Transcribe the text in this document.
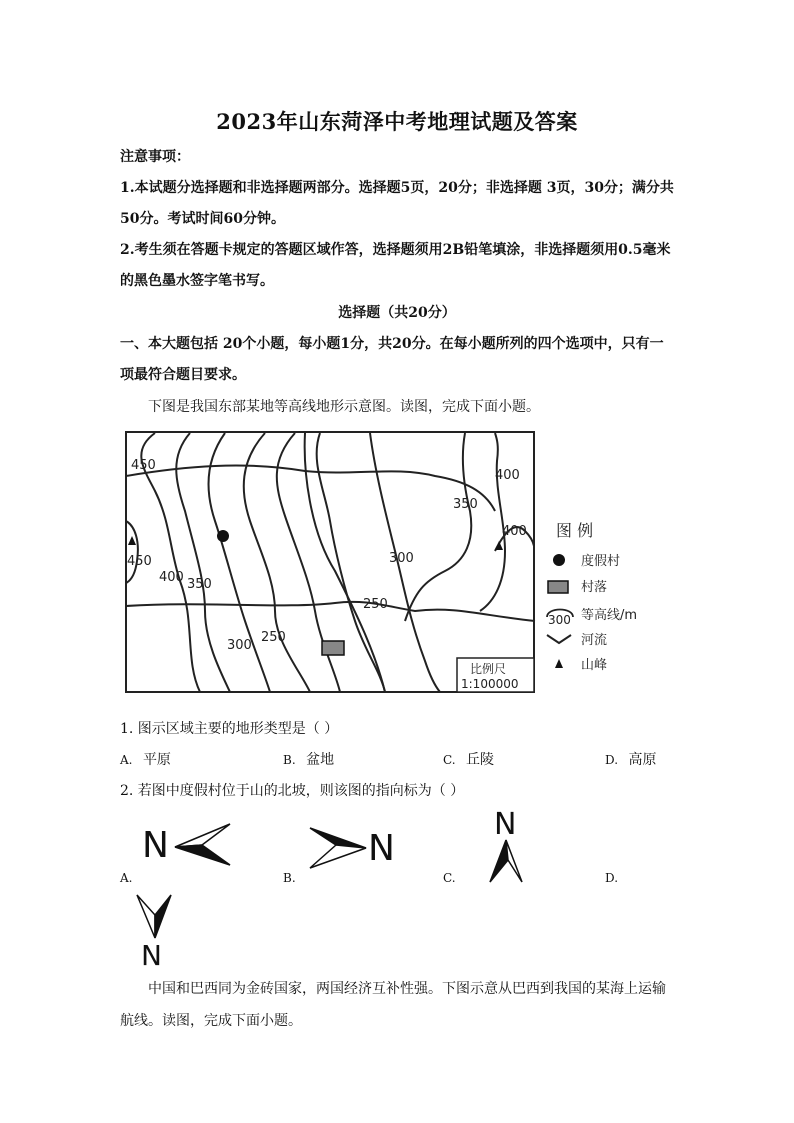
2023年山东菏泽中考地理试题及答案
注意事项：
1.本试题分选择题和非选择题两部分。选择题5页，20分；非选择题 3页，30分；满分共
50分。考试时间60分钟。
2.考生须在答题卡规定的答题区域作答，选择题须用2B铅笔填涂，非选择题须用0.5毫米
的黑色墨水签字笔书写。
选择题（共20分）
一、本大题包括 20个小题，每小题1分，共20分。在每小题所列的四个选项中，只有一
项最符合题目要求。
下图是我国东部某地等高线地形示意图。读图，完成下面小题。
450
450
400 350
300
250
300
250
350
400
400
比例尺
1:100000
图 例
度假村
村落
300 等高线/m
河流
山峰
1. 图示区域主要的地形类型是（ ）
A. 平原	B. 盆地	C. 丘陵	D. 高原
2. 若图中度假村位于山的北坡，则该图的指向标为（ ）
N
A.
N
B.
N
C.	D.
N
中国和巴西同为金砖国家，两国经济互补性强。下图示意从巴西到我国的某海上运输
航线。读图，完成下面小题。
